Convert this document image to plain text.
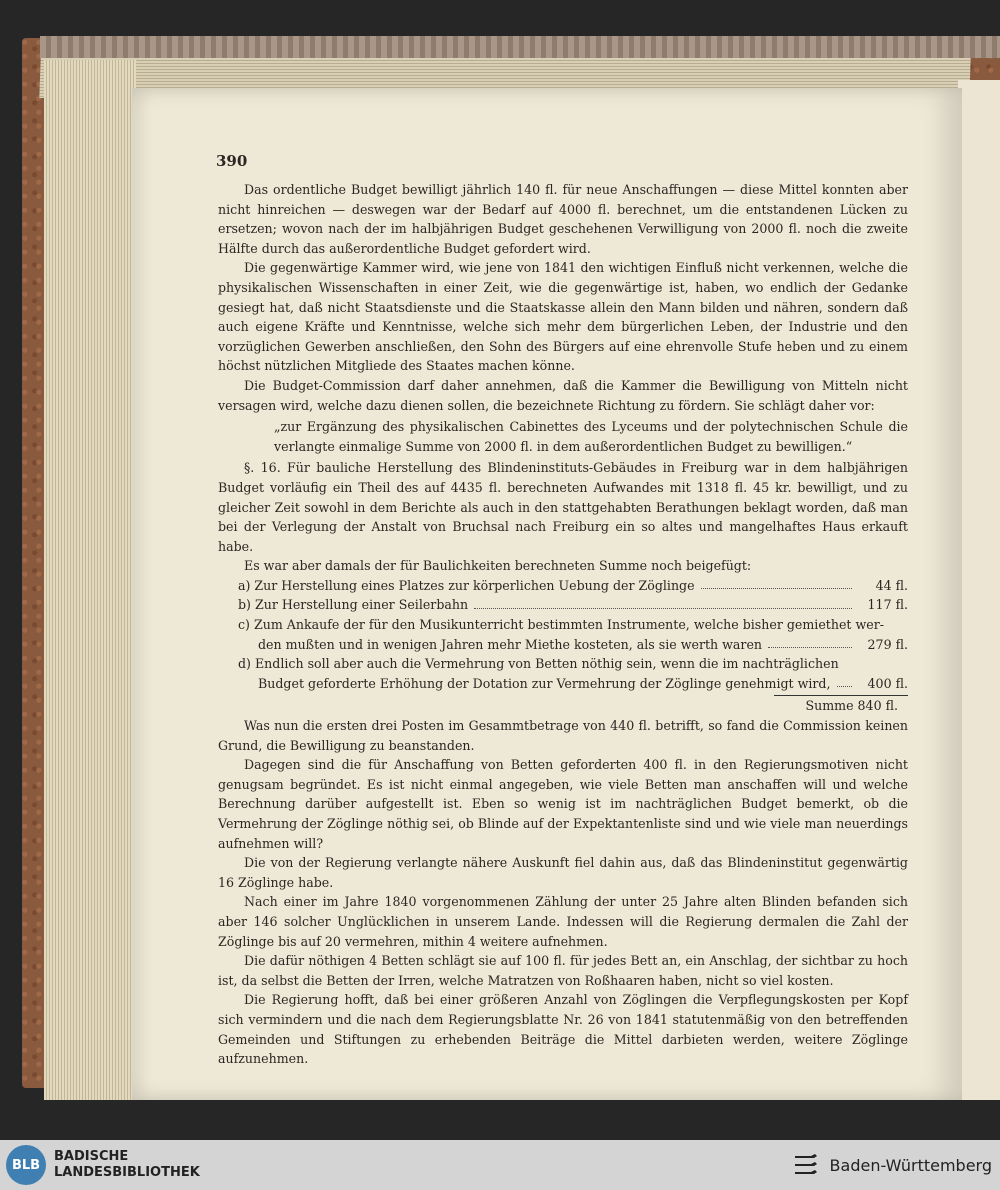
390

Das ordentliche Budget bewilligt jährlich 140 fl. für neue Anschaffungen — diese Mittel konnten aber nicht hinreichen — deswegen war der Bedarf auf 4000 fl. berechnet, um die entstandenen Lücken zu ersetzen; wovon nach der im halbjährigen Budget geschehenen Verwilligung von 2000 fl. noch die zweite Hälfte durch das außerordentliche Budget gefordert wird.

Die gegenwärtige Kammer wird, wie jene von 1841 den wichtigen Einfluß nicht verkennen, welche die physikalischen Wissenschaften in einer Zeit, wie die gegenwärtige ist, haben, wo endlich der Gedanke gesiegt hat, daß nicht Staatsdienste und die Staatskasse allein den Mann bilden und nähren, sondern daß auch eigene Kräfte und Kenntnisse, welche sich mehr dem bürgerlichen Leben, der Industrie und den vorzüglichen Gewerben anschließen, den Sohn des Bürgers auf eine ehrenvolle Stufe heben und zu einem höchst nützlichen Mitgliede des Staates machen könne.

Die Budget-Commission darf daher annehmen, daß die Kammer die Bewilligung von Mitteln nicht versagen wird, welche dazu dienen sollen, die bezeichnete Richtung zu fördern. Sie schlägt daher vor:

„zur Ergänzung des physikalischen Cabinettes des Lyceums und der polytechnischen Schule die verlangte einmalige Summe von 2000 fl. in dem außerordentlichen Budget zu bewilligen.“

§. 16. Für bauliche Herstellung des Blindeninstituts-Gebäudes in Freiburg war in dem halbjährigen Budget vorläufig ein Theil des auf 4435 fl. berechneten Aufwandes mit 1318 fl. 45 kr. bewilligt, und zu gleicher Zeit sowohl in dem Berichte als auch in den stattgehabten Berathungen beklagt worden, daß man bei der Verlegung der Anstalt von Bruchsal nach Freiburg ein so altes und mangelhaftes Haus erkauft habe.

Es war aber damals der für Baulichkeiten berechneten Summe noch beigefügt:

a) Zur Herstellung eines Platzes zur körperlichen Uebung der Zöglinge	44 fl.
b) Zur Herstellung einer Seilerbahn	117 fl.
c) Zum Ankaufe der für den Musikunterricht bestimmten Instrumente, welche bisher gemiethet wer-
den mußten und in wenigen Jahren mehr Miethe kosteten, als sie werth waren	279 fl.
d) Endlich soll aber auch die Vermehrung von Betten nöthig sein, wenn die im nachträglichen
Budget geforderte Erhöhung der Dotation zur Vermehrung der Zöglinge genehmigt wird,	400 fl.
Summe 840 fl.

Was nun die ersten drei Posten im Gesammtbetrage von 440 fl. betrifft, so fand die Commission keinen Grund, die Bewilligung zu beanstanden.

Dagegen sind die für Anschaffung von Betten geforderten 400 fl. in den Regierungsmotiven nicht genugsam begründet. Es ist nicht einmal angegeben, wie viele Betten man anschaffen will und welche Berechnung darüber aufgestellt ist. Eben so wenig ist im nachträglichen Budget bemerkt, ob die Vermehrung der Zöglinge nöthig sei, ob Blinde auf der Expektantenliste sind und wie viele man neuerdings aufnehmen will?

Die von der Regierung verlangte nähere Auskunft fiel dahin aus, daß das Blindeninstitut gegenwärtig 16 Zöglinge habe.

Nach einer im Jahre 1840 vorgenommenen Zählung der unter 25 Jahre alten Blinden befanden sich aber 146 solcher Unglücklichen in unserem Lande. Indessen will die Regierung dermalen die Zahl der Zöglinge bis auf 20 vermehren, mithin 4 weitere aufnehmen.

Die dafür nöthigen 4 Betten schlägt sie auf 100 fl. für jedes Bett an, ein Anschlag, der sichtbar zu hoch ist, da selbst die Betten der Irren, welche Matratzen von Roßhaaren haben, nicht so viel kosten.

Die Regierung hofft, daß bei einer größeren Anzahl von Zöglingen die Verpflegungskosten per Kopf sich vermindern und die nach dem Regierungsblatte Nr. 26 von 1841 statutenmäßig von den betreffenden Gemeinden und Stiftungen zu erhebenden Beiträge die Mittel darbieten werden, weitere Zöglinge aufzunehmen.

BLB
BADISCHE
LANDESBIBLIOTHEK	Baden-Württemberg
